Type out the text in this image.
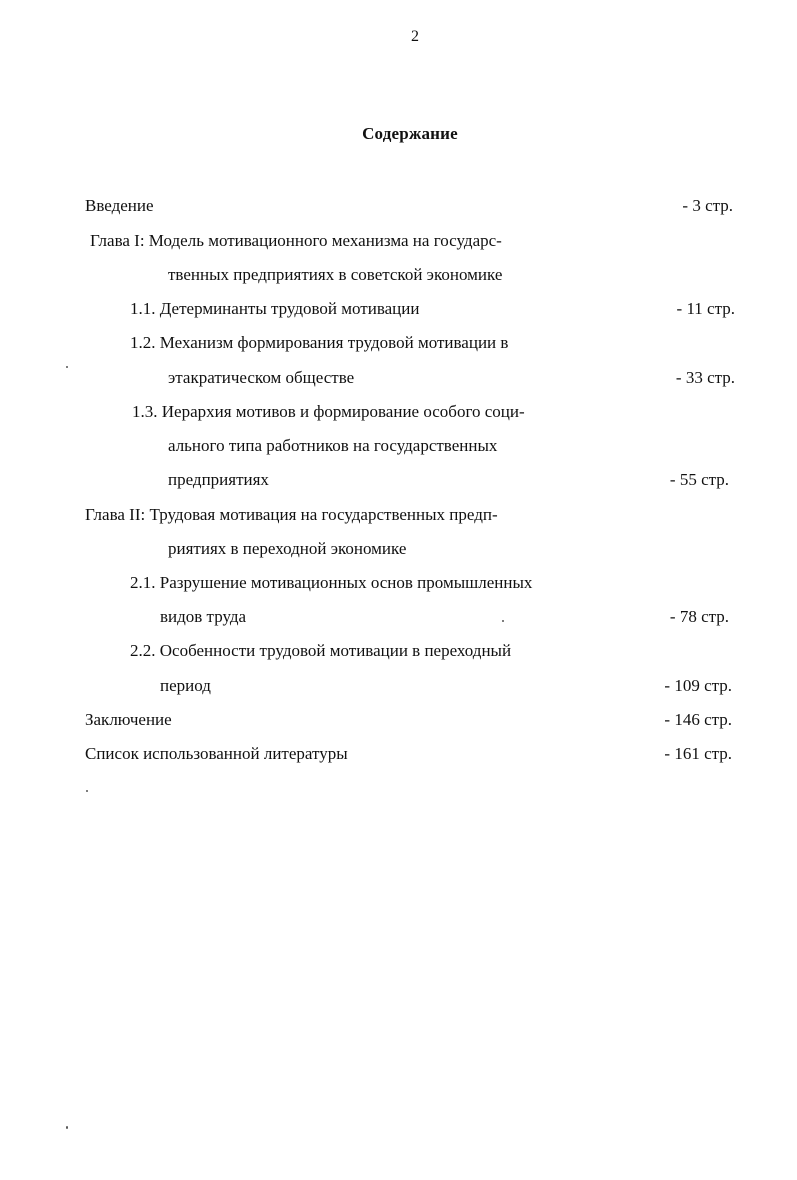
2
Содержание
Введение	- 3 стр.
Глава I: Модель мотивационного механизма на государс-
твенных предприятиях в советской экономике
1.1. Детерминанты трудовой мотивации	- 11 стр.
1.2. Механизм формирования трудовой мотивации в
этакратическом обществе	- 33 стр.
1.3. Иерархия мотивов и формирование особого соци-
ального типа работников на государственных
предприятиях	- 55 стр.
Глава II: Трудовая мотивация на государственных предп-
риятиях в переходной экономике
2.1. Разрушение мотивационных основ промышленных
видов труда	- 78 стр.
2.2. Особенности трудовой мотивации в переходный
период	- 109 стр.
Заключение	- 146 стр.
Список использованной литературы	- 161 стр.
